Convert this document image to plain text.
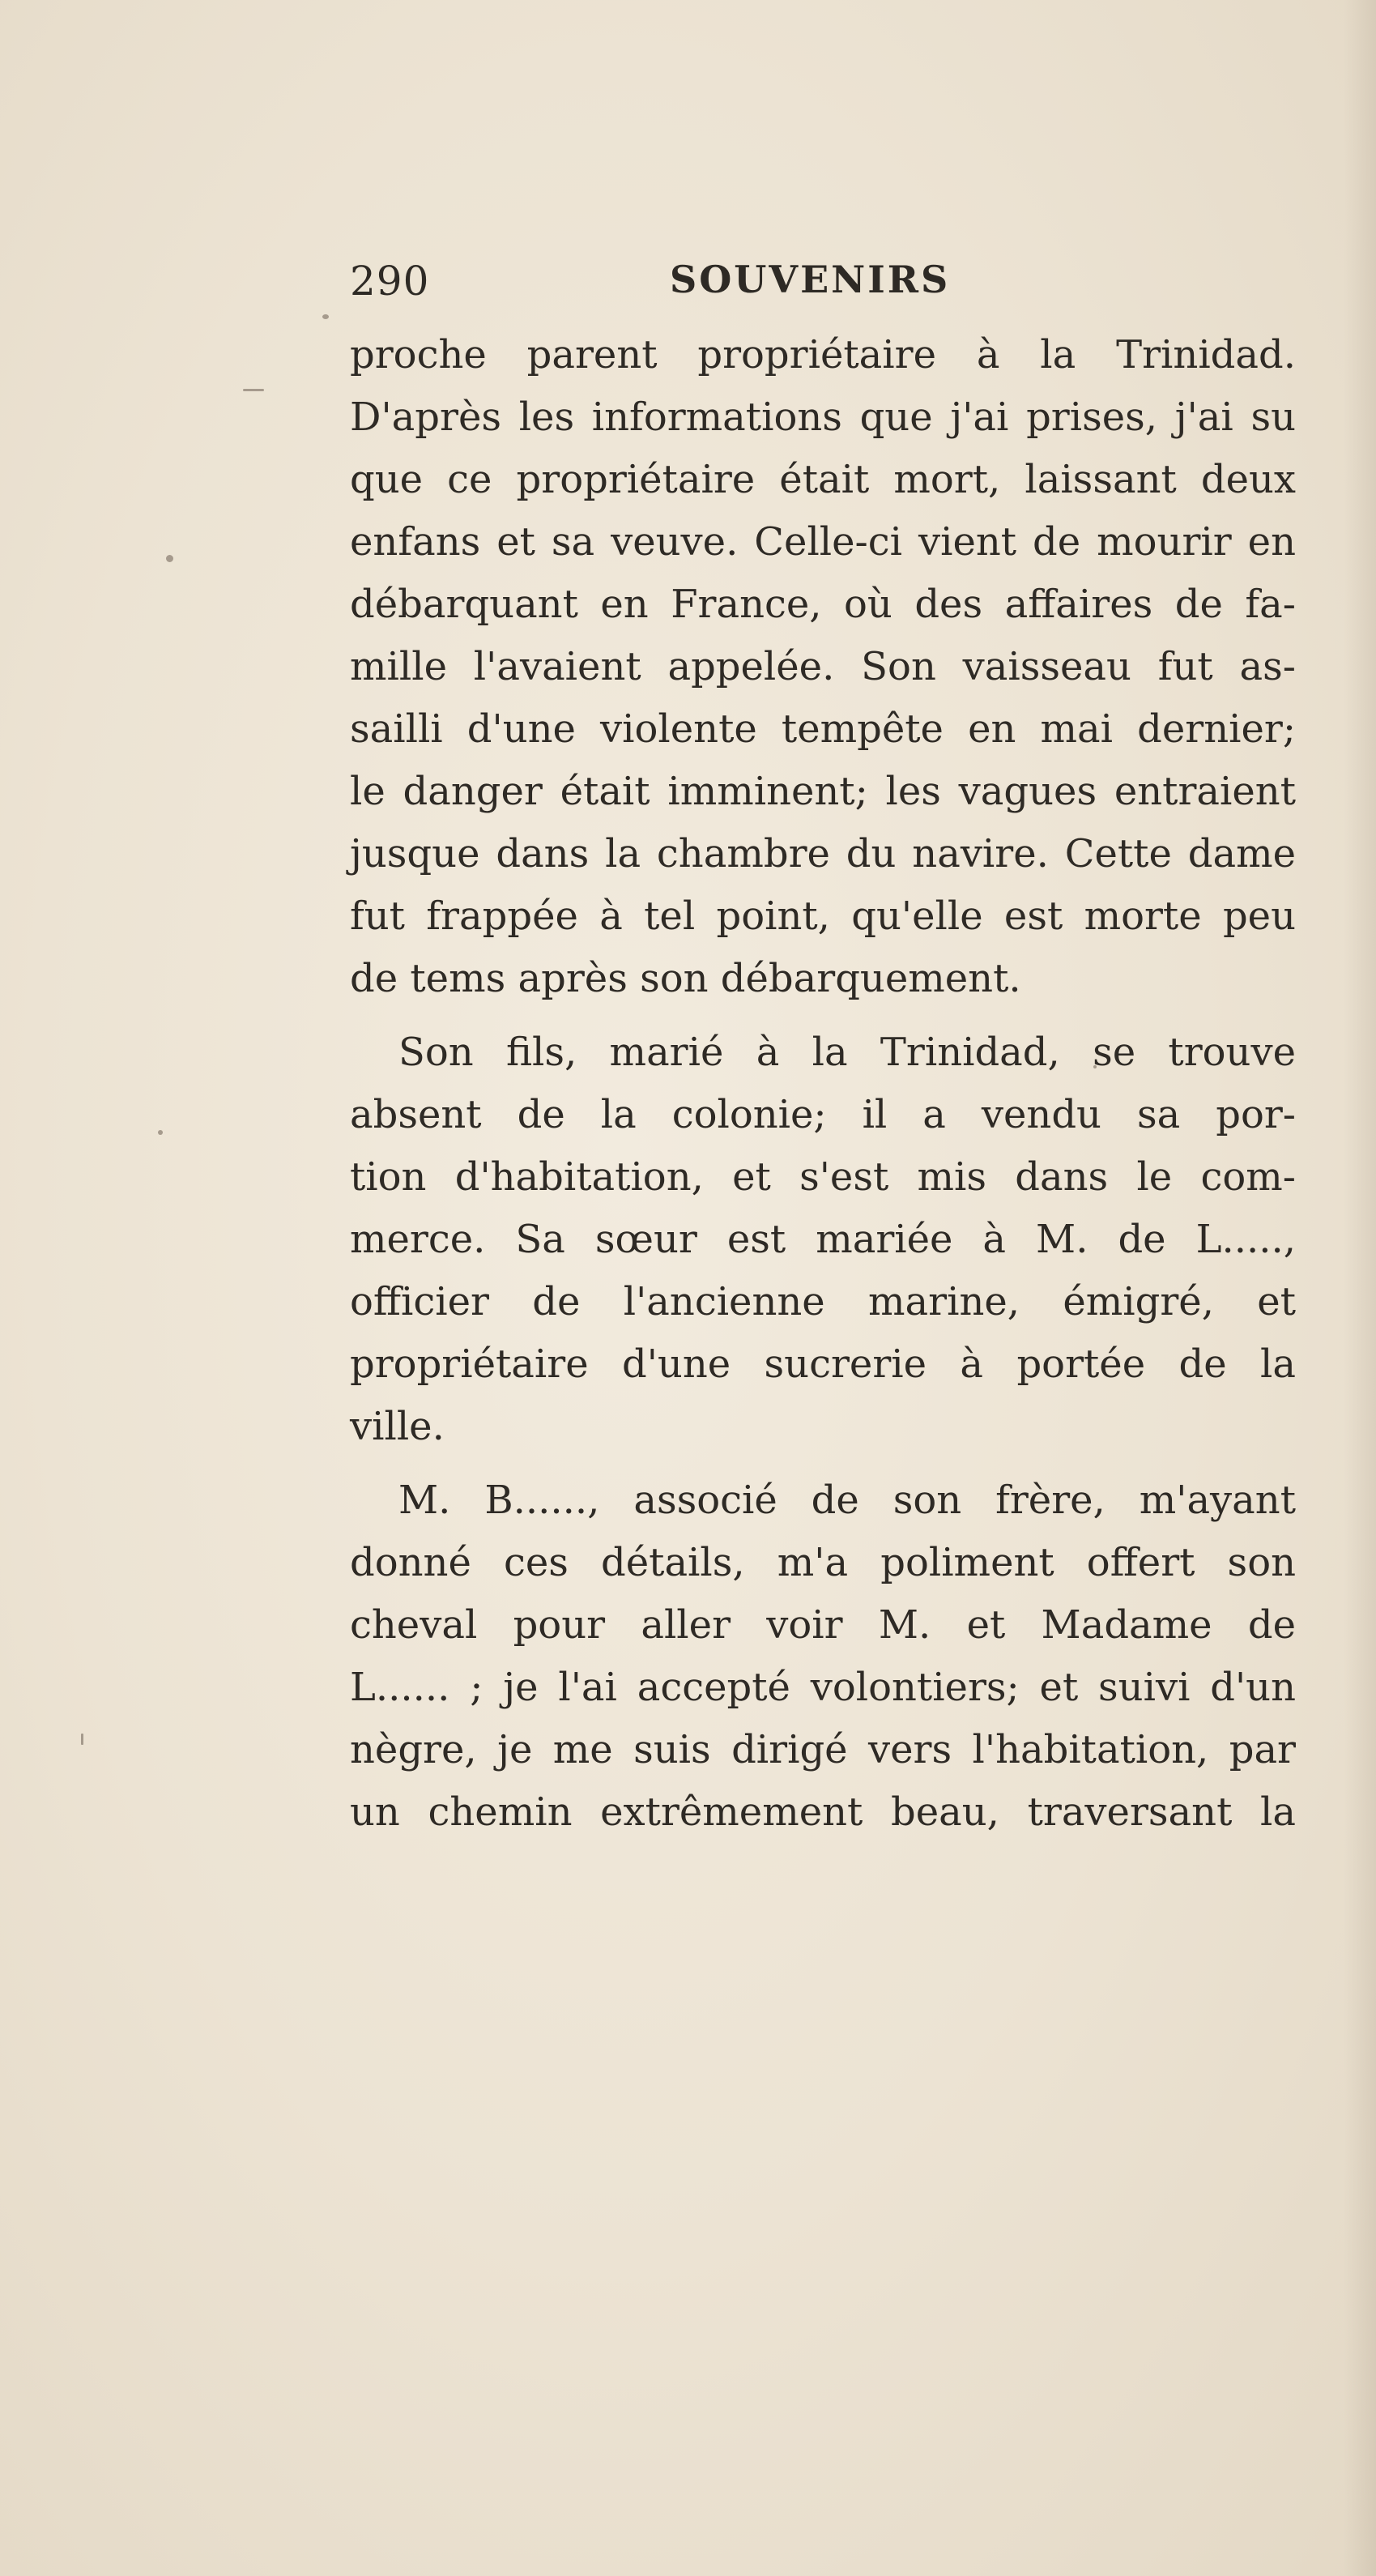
290	SOUVENIRS
proche parent propriétaire à la Trinidad.
D'après les informations que j'ai prises, j'ai su
que ce propriétaire était mort, laissant deux
enfans et sa veuve. Celle-ci vient de mourir en
débarquant en France, où des affaires de fa-
mille l'avaient appelée. Son vaisseau fut as-
sailli d'une violente tempête en mai dernier;
le danger était imminent; les vagues entraient
jusque dans la chambre du navire. Cette dame
fut frappée à tel point, qu'elle est morte peu
de tems après son débarquement.
Son fils, marié à la Trinidad, se trouve
absent de la colonie; il a vendu sa por-
tion d'habitation, et s'est mis dans le com-
merce. Sa sœur est mariée à M. de L.....,
officier de l'ancienne marine, émigré, et
propriétaire d'une sucrerie à portée de la
ville.
M. B......, associé de son frère, m'ayant
donné ces détails, m'a poliment offert son
cheval pour aller voir M. et Madame de
L...... ; je l'ai accepté volontiers; et suivi d'un
nègre, je me suis dirigé vers l'habitation, par
un chemin extrêmement beau, traversant la
